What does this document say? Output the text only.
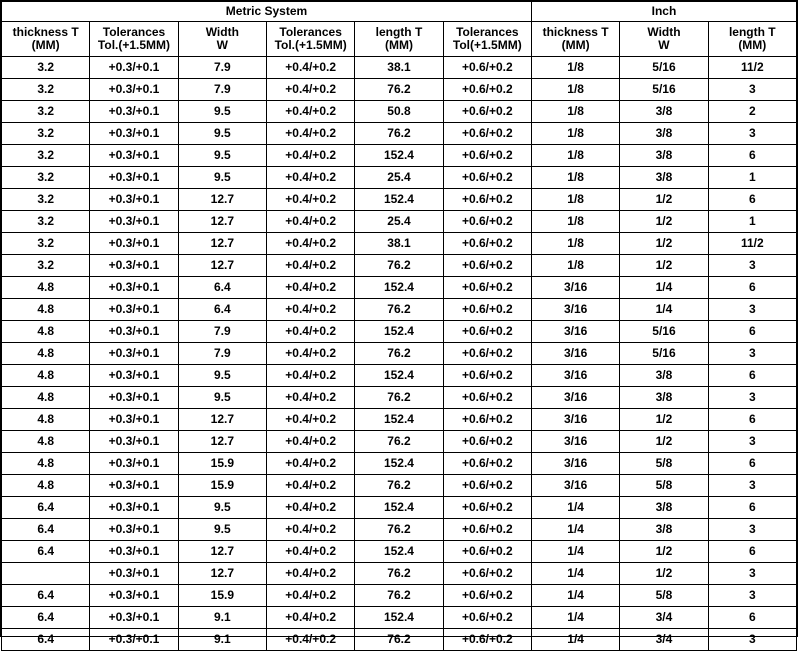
Metric System						Inch		

thickness T
(MM)

Tolerances
Tol.(+1.5MM)

Width
W

Tolerances
Tol.(+1.5MM)

length T
(MM)

Tolerances
Tol(+1.5MM)

thickness T
(MM)

Width
W

length T
(MM)

3.2	+0.3/+0.1	7.9	+0.4/+0.2	38.1	+0.6/+0.2	1/8	5/16	11/2
3.2	+0.3/+0.1	7.9	+0.4/+0.2	76.2	+0.6/+0.2	1/8	5/16	3
3.2	+0.3/+0.1	9.5	+0.4/+0.2	50.8	+0.6/+0.2	1/8	3/8	2
3.2	+0.3/+0.1	9.5	+0.4/+0.2	76.2	+0.6/+0.2	1/8	3/8	3
3.2	+0.3/+0.1	9.5	+0.4/+0.2	152.4	+0.6/+0.2	1/8	3/8	6
3.2	+0.3/+0.1	9.5	+0.4/+0.2	25.4	+0.6/+0.2	1/8	3/8	1
3.2	+0.3/+0.1	12.7	+0.4/+0.2	152.4	+0.6/+0.2	1/8	1/2	6
3.2	+0.3/+0.1	12.7	+0.4/+0.2	25.4	+0.6/+0.2	1/8	1/2	1
3.2	+0.3/+0.1	12.7	+0.4/+0.2	38.1	+0.6/+0.2	1/8	1/2	11/2
3.2	+0.3/+0.1	12.7	+0.4/+0.2	76.2	+0.6/+0.2	1/8	1/2	3
4.8	+0.3/+0.1	6.4	+0.4/+0.2	152.4	+0.6/+0.2	3/16	1/4	6
4.8	+0.3/+0.1	6.4	+0.4/+0.2	76.2	+0.6/+0.2	3/16	1/4	3
4.8	+0.3/+0.1	7.9	+0.4/+0.2	152.4	+0.6/+0.2	3/16	5/16	6
4.8	+0.3/+0.1	7.9	+0.4/+0.2	76.2	+0.6/+0.2	3/16	5/16	3
4.8	+0.3/+0.1	9.5	+0.4/+0.2	152.4	+0.6/+0.2	3/16	3/8	6
4.8	+0.3/+0.1	9.5	+0.4/+0.2	76.2	+0.6/+0.2	3/16	3/8	3
4.8	+0.3/+0.1	12.7	+0.4/+0.2	152.4	+0.6/+0.2	3/16	1/2	6
4.8	+0.3/+0.1	12.7	+0.4/+0.2	76.2	+0.6/+0.2	3/16	1/2	3
4.8	+0.3/+0.1	15.9	+0.4/+0.2	152.4	+0.6/+0.2	3/16	5/8	6
4.8	+0.3/+0.1	15.9	+0.4/+0.2	76.2	+0.6/+0.2	3/16	5/8	3
6.4	+0.3/+0.1	9.5	+0.4/+0.2	152.4	+0.6/+0.2	1/4	3/8	6
6.4	+0.3/+0.1	9.5	+0.4/+0.2	76.2	+0.6/+0.2	1/4	3/8	3
6.4	+0.3/+0.1	12.7	+0.4/+0.2	152.4	+0.6/+0.2	1/4	1/2	6
	+0.3/+0.1	12.7	+0.4/+0.2	76.2	+0.6/+0.2	1/4	1/2	3
6.4	+0.3/+0.1	15.9	+0.4/+0.2	76.2	+0.6/+0.2	1/4	5/8	3
6.4	+0.3/+0.1	9.1	+0.4/+0.2	152.4	+0.6/+0.2	1/4	3/4	6
6.4	+0.3/+0.1	9.1	+0.4/+0.2	76.2	+0.6/+0.2	1/4	3/4	3
